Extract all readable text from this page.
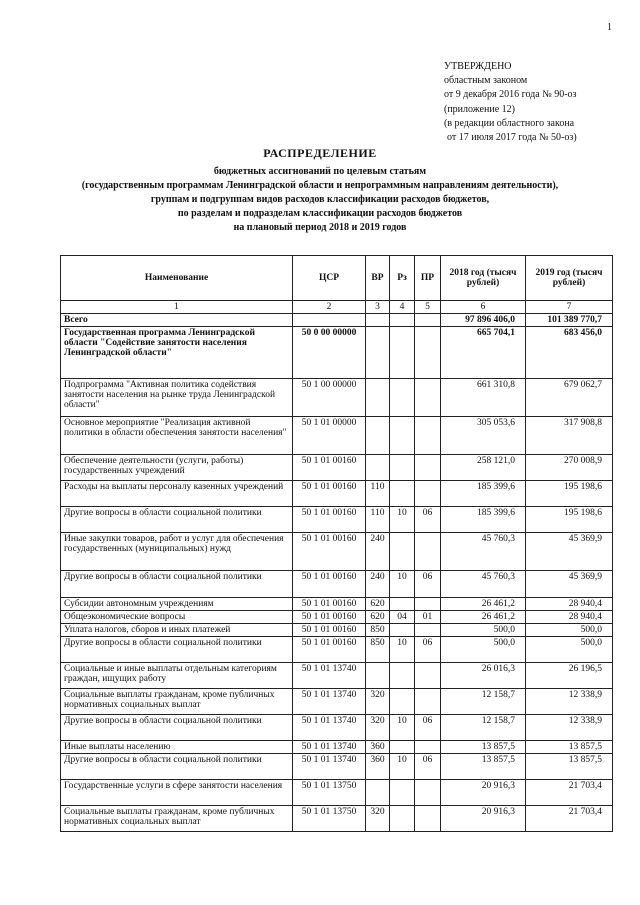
1
УТВЕРЖДЕНО
областным законом
от 9 декабря 2016 года № 90-оз
(приложение 12)
(в редакции областного закона
от 17 июля 2017 года № 50-оз)
РАСПРЕДЕЛЕНИЕ
бюджетных ассигнований по целевым статьям
(государственным программам Ленинградской области и непрограммным направлениям деятельности),
группам и подгруппам видов расходов классификации расходов бюджетов,
по разделам и подразделам классификации расходов бюджетов
на плановый период 2018 и 2019 годов
Наименование	ЦСР	ВР	Рз	ПР	2018 год (тысяч рублей)	2019 год (тысяч рублей)
1	2	3	4	5	6	7
Всего					97 896 406,0	101 389 770,7
Государственная программа Ленинградской области "Содействие занятости населения Ленинградской области"	50 0 00 00000				665 704,1	683 456,0
Подпрограмма "Активная политика содействия занятости населения на рынке труда Ленинградской области"	50 1 00 00000				661 310,8	679 062,7
Основное мероприятие "Реализация активной политики в области обеспечения занятости населения"	50 1 01 00000				305 053,6	317 908,8
Обеспечение деятельности (услуги, работы) государственных учреждений	50 1 01 00160				258 121,0	270 008,9
Расходы на выплаты персоналу казенных учреждений	50 1 01 00160	110			185 399,6	195 198,6
Другие вопросы в области социальной политики	50 1 01 00160	110	10	06	185 399,6	195 198,6
Иные закупки товаров, работ и услуг для обеспечения государственных (муниципальных) нужд	50 1 01 00160	240			45 760,3	45 369,9
Другие вопросы в области социальной политики	50 1 01 00160	240	10	06	45 760,3	45 369,9
Субсидии автономным учреждениям	50 1 01 00160	620			26 461,2	28 940,4
Общеэкономические вопросы	50 1 01 00160	620	04	01	26 461,2	28 940,4
Уплата налогов, сборов и иных платежей	50 1 01 00160	850			500,0	500,0
Другие вопросы в области социальной политики	50 1 01 00160	850	10	06	500,0	500,0
Социальные и иные выплаты отдельным категориям граждан, ищущих работу	50 1 01 13740				26 016,3	26 196,5
Социальные выплаты гражданам, кроме публичных нормативных социальных выплат	50 1 01 13740	320			12 158,7	12 338,9
Другие вопросы в области социальной политики	50 1 01 13740	320	10	06	12 158,7	12 338,9
Иные выплаты населению	50 1 01 13740	360			13 857,5	13 857,5
Другие вопросы в области социальной политики	50 1 01 13740	360	10	06	13 857,5	13 857,5
Государственные услуги в сфере занятости населения	50 1 01 13750				20 916,3	21 703,4
Социальные выплаты гражданам, кроме публичных нормативных социальных выплат	50 1 01 13750	320			20 916,3	21 703,4
